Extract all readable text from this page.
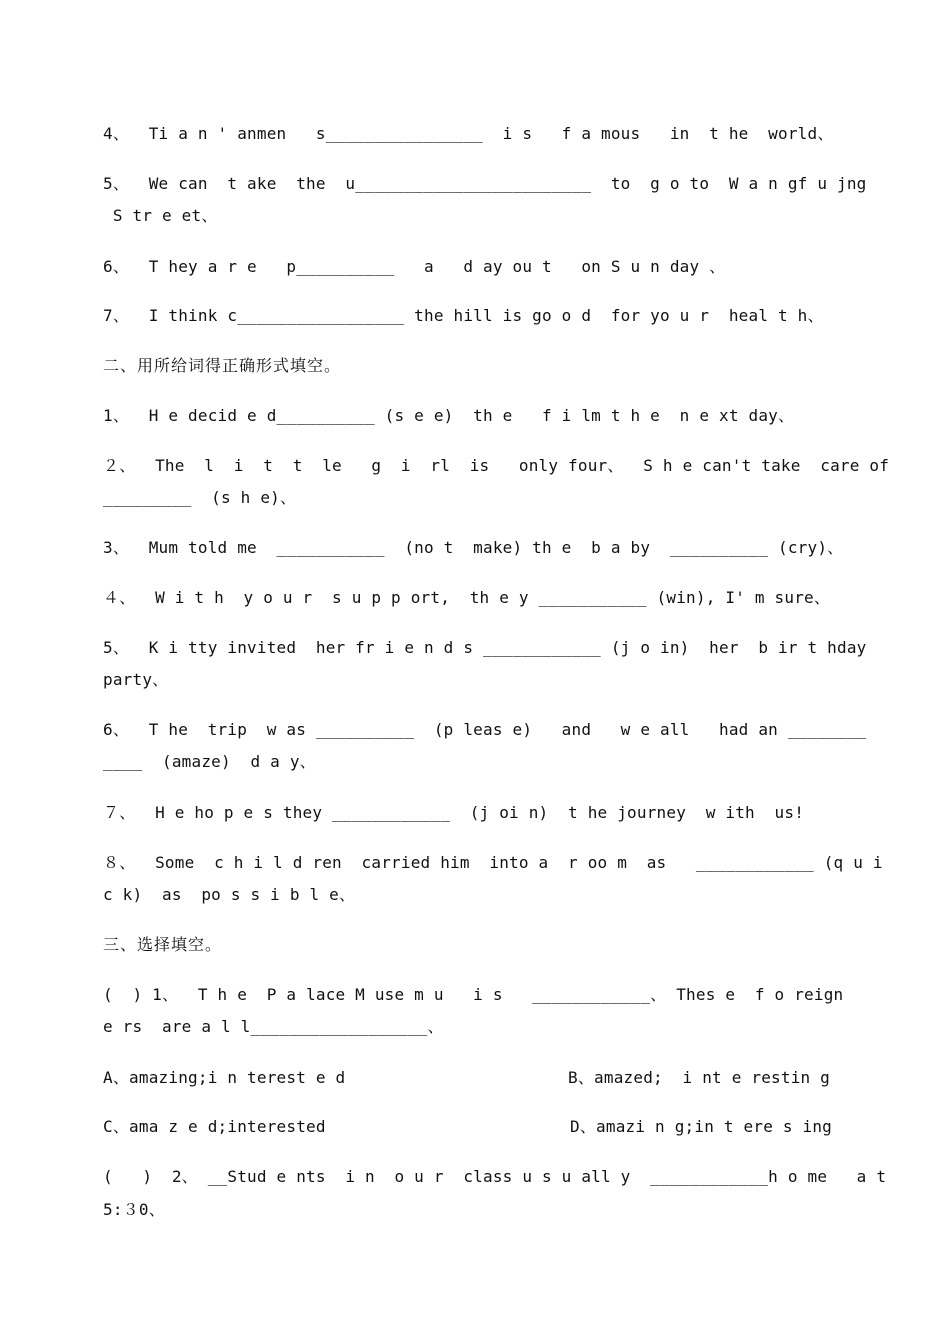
4、  Ti a n ' anmen   s________________  i s   f a mous   in  t he  world、
5、  We can  t ake  the  u________________________  to  g o to  W a n gf u jng
S tr e et、
6、  T hey a r e   p__________   a   d ay ou t   on S u n day 、
7、  I think c_________________ the hill is go o d  for yo u r  heal t h、
二、用所给词得正确形式填空。
1、  H e decid e d__________ (s e e)  th e   f i lm t h e  n e xt day、
２、  The  l  i  t  t  le   g  i  rl  is   only four、  S h e can't take  care of
_________  (s h e)、
3、  Mum told me  ___________  (no t  make) th e  b a by  __________ (cry)、
４、  W i t h  y o u r  s u p p ort,  th e y ___________ (win), I' m sure、
5、  K i tty invited  her fr i e n d s ____________ (j o in)  her  b ir t hday
party、
6、  T he  trip  w as __________  (p leas e)   and   w e all   had an ________
____  (amaze)  d a y、
７、  H e ho p e s they ____________  (j oi n)  t he journey  w ith  us!
８、  Some  c h i l d ren  carried him  into a  r oo m  as   ____________ (q u i
c k)  as  po s s i b l e、
三、选择填空。
(  ) 1、  T h e  P a lace M use m u   i s   ____________、 Thes e  f o reign
e rs  are a l l__________________、
A、amazing;i n terest e d	B、amazed;  i nt e restin g
C、ama z e d;interested	D、amazi n g;in t ere s ing
(   )  2、 __Stud e nts  i n  o u r  class u s u all y  ____________h o me   a t
5:３0、
